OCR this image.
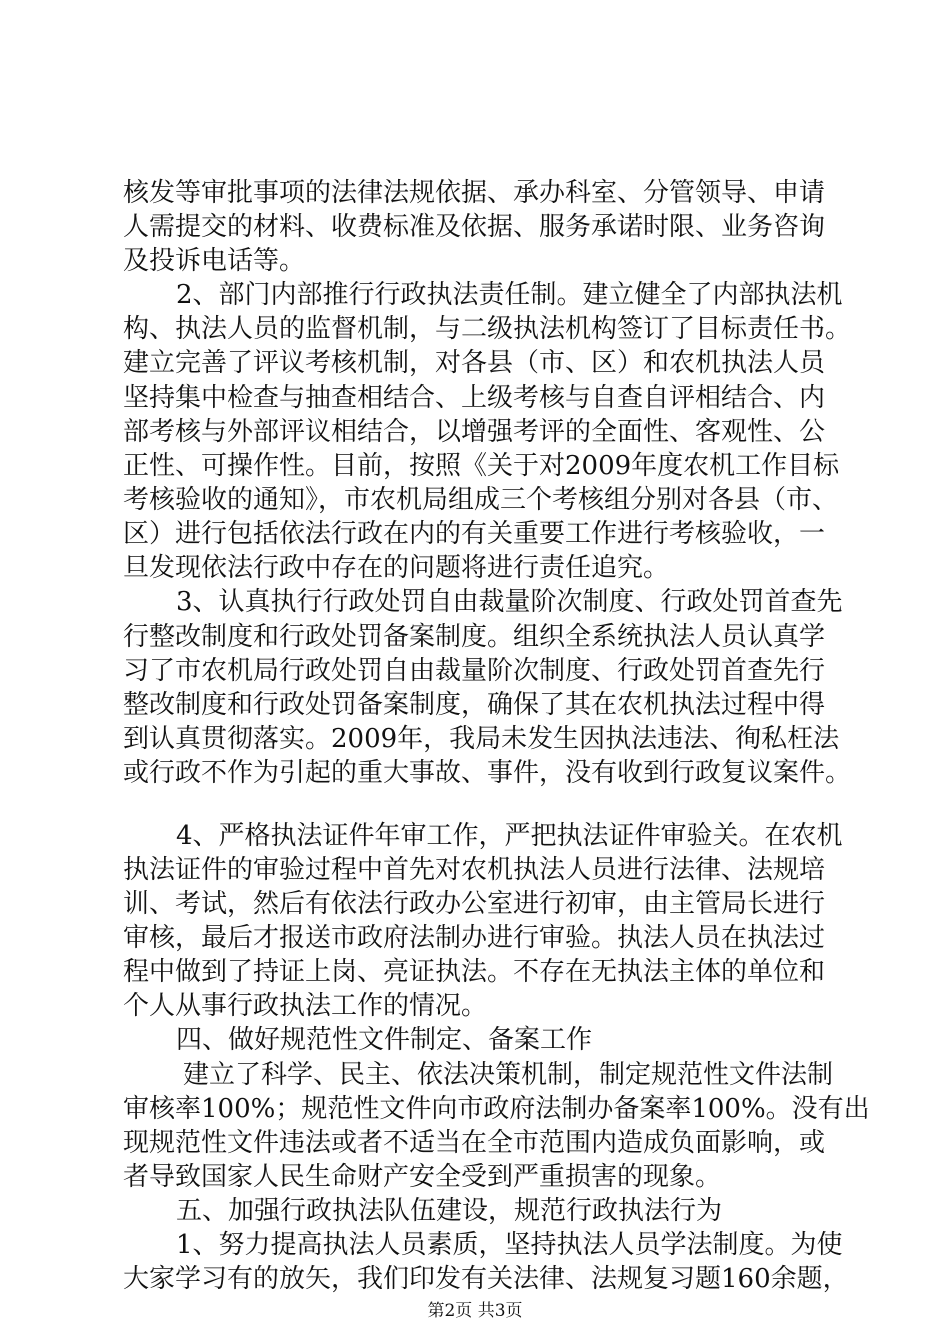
核发等审批事项的法律法规依据、承办科室、分管领导、申请
人需提交的材料、收费标准及依据、服务承诺时限、业务咨询
及投诉电话等。
2、部门内部推行行政执法责任制。建立健全了内部执法机
构、执法人员的监督机制，与二级执法机构签订了目标责任书。
建立完善了评议考核机制，对各县（市、区）和农机执法人员
坚持集中检查与抽查相结合、上级考核与自查自评相结合、内
部考核与外部评议相结合，以增强考评的全面性、客观性、公
正性、可操作性。目前，按照《关于对2009年度农机工作目标
考核验收的通知》，市农机局组成三个考核组分别对各县（市、
区）进行包括依法行政在内的有关重要工作进行考核验收，一
旦发现依法行政中存在的问题将进行责任追究。
3、认真执行行政处罚自由裁量阶次制度、行政处罚首查先
行整改制度和行政处罚备案制度。组织全系统执法人员认真学
习了市农机局行政处罚自由裁量阶次制度、行政处罚首查先行
整改制度和行政处罚备案制度，确保了其在农机执法过程中得
到认真贯彻落实。2009年，我局未发生因执法违法、徇私枉法
或行政不作为引起的重大事故、事件，没有收到行政复议案件。
4、严格执法证件年审工作，严把执法证件审验关。在农机
执法证件的审验过程中首先对农机执法人员进行法律、法规培
训、考试，然后有依法行政办公室进行初审，由主管局长进行
审核，最后才报送市政府法制办进行审验。执法人员在执法过
程中做到了持证上岗、亮证执法。不存在无执法主体的单位和
个人从事行政执法工作的情况。
四、做好规范性文件制定、备案工作
建立了科学、民主、依法决策机制，制定规范性文件法制
审核率100%；规范性文件向市政府法制办备案率100%。没有出
现规范性文件违法或者不适当在全市范围内造成负面影响，或
者导致国家人民生命财产安全受到严重损害的现象。
五、加强行政执法队伍建设，规范行政执法行为
1、努力提高执法人员素质，坚持执法人员学法制度。为使
大家学习有的放矢，我们印发有关法律、法规复习题160余题，
第2页 共3页
